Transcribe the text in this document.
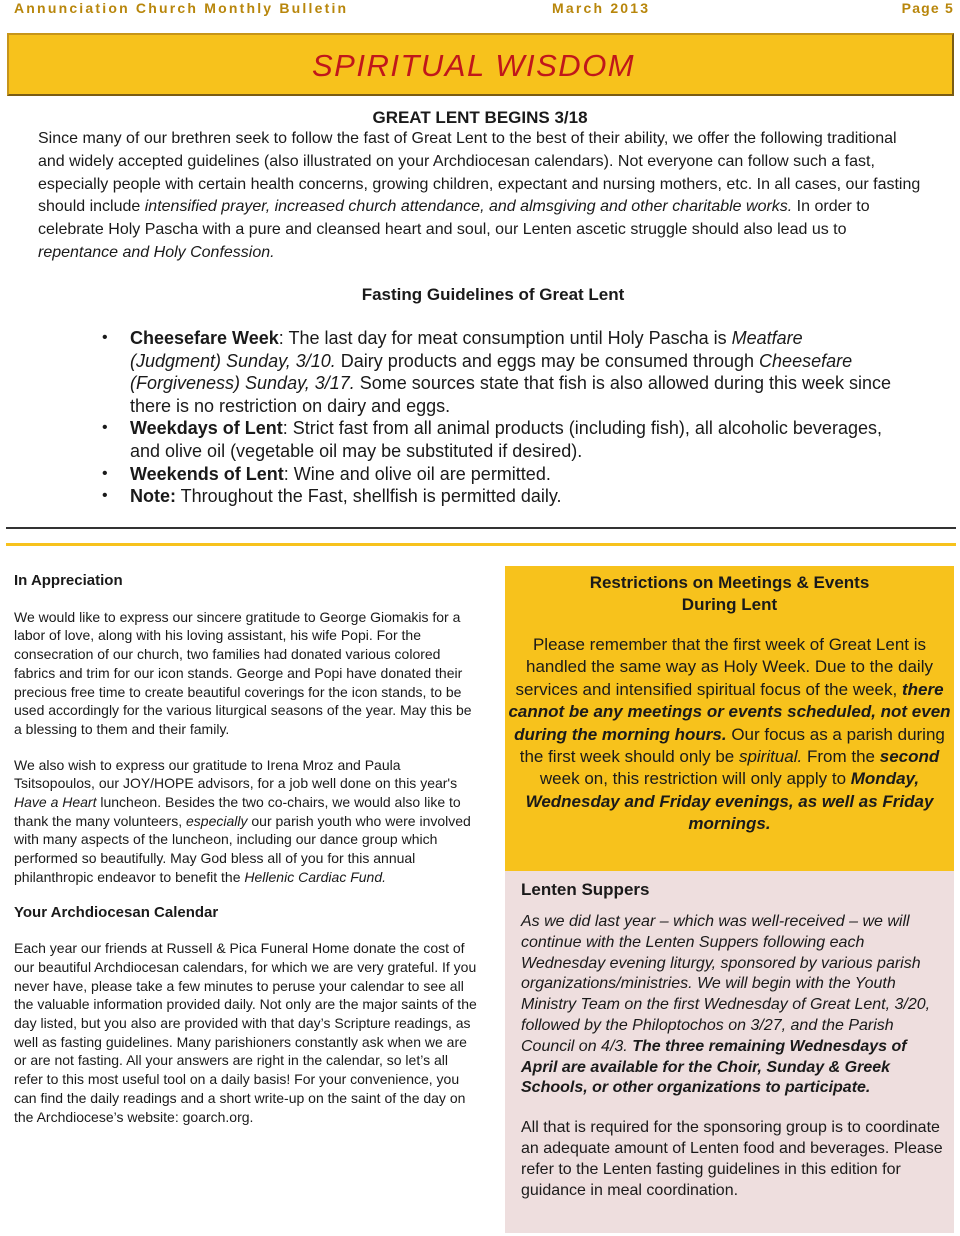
Annunciation Church Monthly Bulletin	March 2013	Page 5
SPIRITUAL WISDOM
GREAT LENT BEGINS 3/18

Since many of our brethren seek to follow the fast of Great Lent to the best of their ability, we offer the following traditional and widely accepted guidelines (also illustrated on your Archdiocesan calendars). Not everyone can follow such a fast, especially people with certain health concerns, growing children, expectant and nursing mothers, etc. In all cases, our fasting should include intensified prayer, increased church attendance, and almsgiving and other charitable works. In order to celebrate Holy Pascha with a pure and cleansed heart and soul, our Lenten ascetic struggle should also lead us to repentance and Holy Confession.

Fasting Guidelines of Great Lent
• Cheesefare Week: The last day for meat consumption until Holy Pascha is Meatfare (Judgment) Sunday, 3/10. Dairy products and eggs may be consumed through Cheesefare (Forgiveness) Sunday, 3/17. Some sources state that fish is also allowed during this week since there is no restriction on dairy and eggs.
• Weekdays of Lent: Strict fast from all animal products (including fish), all alcoholic beverages, and olive oil (vegetable oil may be substituted if desired).
• Weekends of Lent: Wine and olive oil are permitted.
• Note: Throughout the Fast, shellfish is permitted daily.
In Appreciation

We would like to express our sincere gratitude to George Giomakis for a labor of love, along with his loving assistant, his wife Popi. For the consecration of our church, two families had donated various colored fabrics and trim for our icon stands. George and Popi have donated their precious free time to create beautiful coverings for the icon stands, to be used accordingly for the various liturgical seasons of the year. May this be a blessing to them and their family.

We also wish to express our gratitude to Irena Mroz and Paula Tsitsopoulos, our JOY/HOPE advisors, for a job well done on this year's Have a Heart luncheon. Besides the two co-chairs, we would also like to thank the many volunteers, especially our parish youth who were involved with many aspects of the luncheon, including our dance group which performed so beautifully. May God bless all of you for this annual philanthropic endeavor to benefit the Hellenic Cardiac Fund.

Your Archdiocesan Calendar

Each year our friends at Russell & Pica Funeral Home donate the cost of our beautiful Archdiocesan calendars, for which we are very grateful. If you never have, please take a few minutes to peruse your calendar to see all the valuable information provided daily. Not only are the major saints of the day listed, but you also are provided with that day’s Scripture readings, as well as fasting guidelines. Many parishioners constantly ask when we are or are not fasting. All your answers are right in the calendar, so let’s all refer to this most useful tool on a daily basis! For your convenience, you can find the daily readings and a short write-up on the saint of the day on the Archdiocese’s website: goarch.org.

Restrictions on Meetings & Events
During Lent

Please remember that the first week of Great Lent is handled the same way as Holy Week. Due to the daily services and intensified spiritual focus of the week, there cannot be any meetings or events scheduled, not even during the morning hours. Our focus as a parish during the first week should only be spiritual. From the second week on, this restriction will only apply to Monday, Wednesday and Friday evenings, as well as Friday mornings.

Lenten Suppers

As we did last year – which was well-received – we will continue with the Lenten Suppers following each Wednesday evening liturgy, sponsored by various parish organizations/ministries. We will begin with the Youth Ministry Team on the first Wednesday of Great Lent, 3/20, followed by the Philoptochos on 3/27, and the Parish Council on 4/3. The three remaining Wednesdays of April are available for the Choir, Sunday & Greek Schools, or other organizations to participate.

All that is required for the sponsoring group is to coordinate an adequate amount of Lenten food and beverages. Please refer to the Lenten fasting guidelines in this edition for guidance in meal coordination.
